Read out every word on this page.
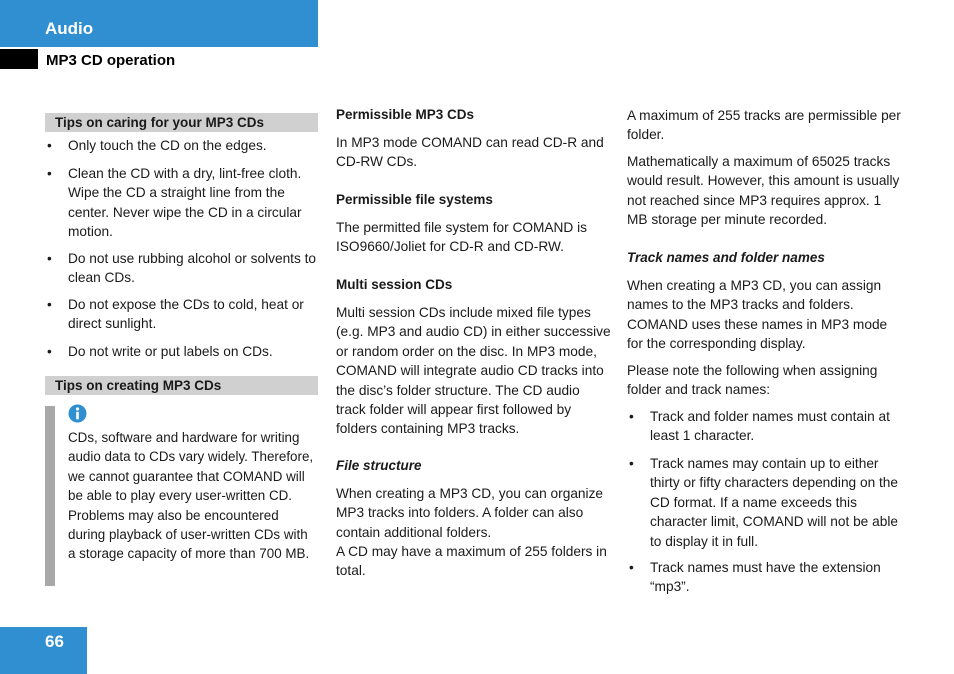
Audio
MP3 CD operation
Tips on caring for your MP3 CDs
• Only touch the CD on the edges.
• Clean the CD with a dry, lint-free cloth. Wipe the CD a straight line from the center. Never wipe the CD in a circular motion.
• Do not use rubbing alcohol or solvents to clean CDs.
• Do not expose the CDs to cold, heat or direct sunlight.
• Do not write or put labels on CDs.
Tips on creating MP3 CDs

CDs, software and hardware for writing audio data to CDs vary widely. Therefore, we cannot guarantee that COMAND will be able to play every user-written CD. Problems may also be encountered during playback of user-written CDs with a storage capacity of more than 700 MB.

Permissible MP3 CDs

In MP3 mode COMAND can read CD-R and CD-RW CDs.

Permissible file systems

The permitted file system for COMAND is ISO9660/Joliet for CD-R and CD-RW.

Multi session CDs

Multi session CDs include mixed file types (e.g. MP3 and audio CD) in either successive or random order on the disc. In MP3 mode, COMAND will integrate audio CD tracks into the disc’s folder structure. The CD audio track folder will appear first followed by folders containing MP3 tracks.

File structure

When creating a MP3 CD, you can organize MP3 tracks into folders. A folder can also contain additional folders.

A CD may have a maximum of 255 folders in total.

A maximum of 255 tracks are permissible per folder.

Mathematically a maximum of 65025 tracks would result. However, this amount is usually not reached since MP3 requires approx. 1 MB storage per minute recorded.

Track names and folder names

When creating a MP3 CD, you can assign names to the MP3 tracks and folders. COMAND uses these names in MP3 mode for the corresponding display.

Please note the following when assigning folder and track names:

• Track and folder names must contain at least 1 character.
• Track names may contain up to either thirty or fifty characters depending on the CD format. If a name exceeds this character limit, COMAND will not be able to display it in full.
• Track names must have the extension “mp3”.
66
